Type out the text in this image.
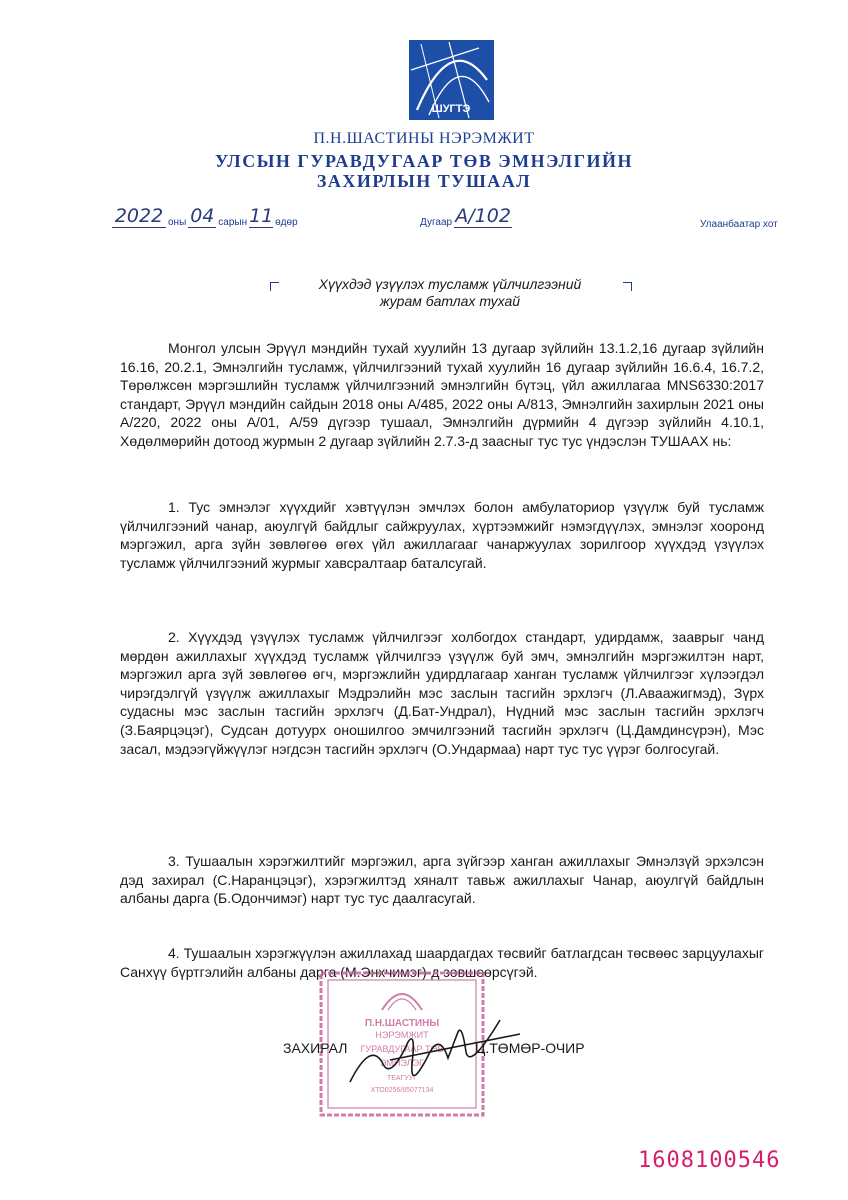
ШУГТЭ
П.Н.ШАСТИНЫ НЭРЭМЖИТ
УЛСЫН ГУРАВДУГААР ТӨВ ЭМНЭЛГИЙН
ЗАХИРЛЫН ТУШААЛ
2022 оны 04 сарын 11 өдөр	Дугаар А/102	Улаанбаатар хот
Хүүхдэд үзүүлэх тусламж үйлчилгээний
журам батлах тухай

Монгол улсын Эрүүл мэндийн тухай хуулийн 13 дугаар зүйлийн 13.1.2,16 дугаар зүйлийн 16.16, 20.2.1, Эмнэлгийн тусламж, үйлчилгээний тухай хуулийн 16 дугаар зүйлийн 16.6.4, 16.7.2, Төрөлжсөн мэргэшлийн тусламж үйлчилгээний эмнэлгийн бүтэц, үйл ажиллагаа MNS6330:2017 стандарт, Эрүүл мэндийн сайдын 2018 оны А/485, 2022 оны А/813, Эмнэлгийн захирлын 2021 оны А/220, 2022 оны А/01, А/59 дүгээр тушаал, Эмнэлгийн дүрмийн 4 дүгээр зүйлийн 4.10.1, Хөдөлмөрийн дотоод журмын 2 дугаар зүйлийн 2.7.3-д заасныг тус тус үндэслэн ТУШААХ нь:

1. Тус эмнэлэг хүүхдийг хэвтүүлэн эмчлэх болон амбулаториор үзүүлж буй тусламж үйлчилгээний чанар, аюулгүй байдлыг сайжруулах, хүртээмжийг нэмэгдүүлэх, эмнэлэг хооронд мэргэжил, арга зүйн зөвлөгөө өгөх үйл ажиллагааг чанаржуулах зорилгоор хүүхдэд үзүүлэх тусламж үйлчилгээний журмыг хавсралтаар баталсугай.

2. Хүүхдэд үзүүлэх тусламж үйлчилгээг холбогдох стандарт, удирдамж, зааврыг чанд мөрдөн ажиллахыг хүүхдэд тусламж үйлчилгээ үзүүлж буй эмч, эмнэлгийн мэргэжилтэн нарт, мэргэжил арга зүй зөвлөгөө өгч, мэргэжлийн удирдлагаар ханган тусламж үйлчилгээг хүлээгдэл чирэгдэлгүй үзүүлж ажиллахыг Мэдрэлийн мэс заслын тасгийн эрхлэгч (Л.Аваажигмэд), Зүрх судасны мэс заслын тасгийн эрхлэгч (Д.Бат-Ундрал), Нүдний мэс заслын тасгийн эрхлэгч (З.Баярцэцэг), Судсан дотуурх оношилгоо эмчилгээний тасгийн эрхлэгч (Ц.Дамдинсүрэн), Мэс засал, мэдээгүйжүүлэг нэгдсэн тасгийн эрхлэгч (О.Ундармаа) нарт тус тус үүрэг болгосугай.

3. Тушаалын хэрэгжилтийг мэргэжил, арга зүйгээр ханган ажиллахыг Эмнэлзүй эрхэлсэн дэд захирал (С.Наранцэцэг), хэрэгжилтэд хяналт тавьж ажиллахыг Чанар, аюулгүй байдлын албаны дарга (Б.Одончимэг) нарт тус тус даалгасугай.

4. Тушаалын хэрэгжүүлэн ажиллахад шаардагдах төсвийг батлагдсан төсвөөс зарцуулахыг Санхүү бүртгэлийн албаны дарга (М.Энхчимэг)-д зөвшөөрсүгэй.

П.Н.ШАСТИНЫ
НЭРЭМЖИТ
ГУРАВДУГААР ТӨВ
ЭМНЭЛЭГ
ТЕАГУУГ
ХТО0256/85077134
ЗАХИРАЛ	Ц.ТӨМӨР-ОЧИР
1608100546
